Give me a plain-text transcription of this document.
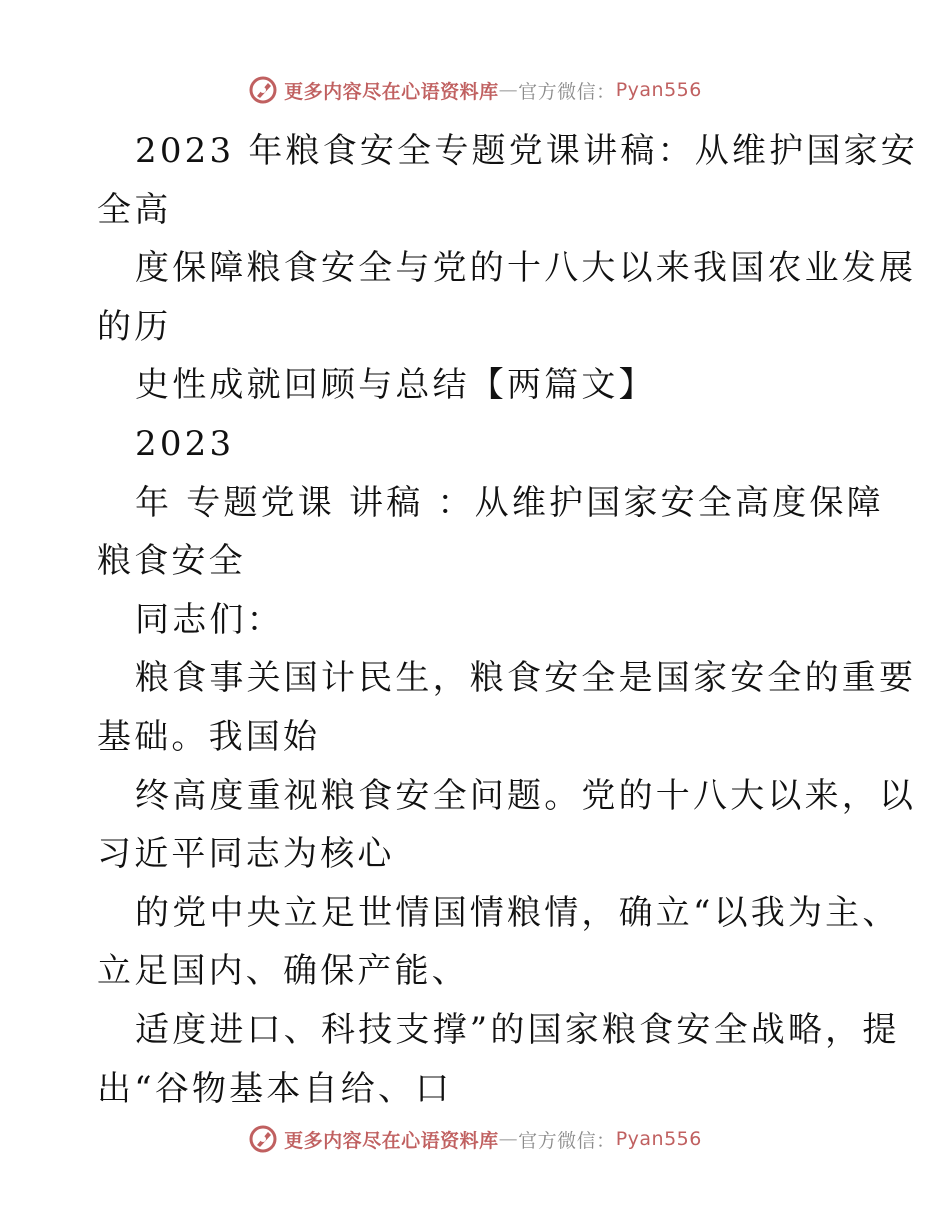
更多内容尽在心语资料库 — 官方微信： Pyan556
2023 年粮食安全专题党课讲稿：从维护国家安
全高
度保障粮食安全与党的十八大以来我国农业发展
的历
史性成就回顾与总结【两篇文】
2023
年 专题党课 讲稿 ：从维护国家安全高度保障
粮食安全
同志们：
粮食事关国计民生，粮食安全是国家安全的重要
基础。我国始
终高度重视粮食安全问题。党的十八大以来，以
习近平同志为核心
的党中央立足世情国情粮情，确立“以我为主、
立足国内、确保产能、
适度进口、科技支撑”的国家粮食安全战略，提
出“谷物基本自给、口
更多内容尽在心语资料库 — 官方微信： Pyan556
